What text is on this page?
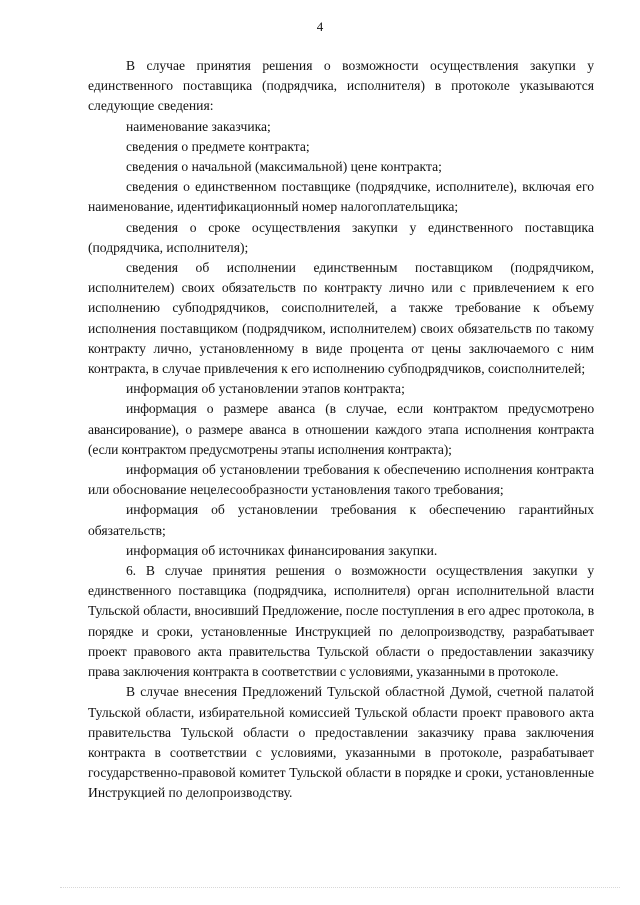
4

В случае принятия решения о возможности осуществления закупки у единственного поставщика (подрядчика, исполнителя) в протоколе указываются следующие сведения:

наименование заказчика;

сведения о предмете контракта;

сведения о начальной (максимальной) цене контракта;

сведения о единственном поставщике (подрядчике, исполнителе), включая его наименование, идентификационный номер налогоплательщика;

сведения о сроке осуществления закупки у единственного поставщика (подрядчика, исполнителя);

сведения об исполнении единственным поставщиком (подрядчиком, исполнителем) своих обязательств по контракту лично или с привлечением к его исполнению субподрядчиков, соисполнителей, а также требование к объему исполнения поставщиком (подрядчиком, исполнителем) своих обязательств по такому контракту лично, установленному в виде процента от цены заключаемого с ним контракта, в случае привлечения к его исполнению субподрядчиков, соисполнителей;

информация об установлении этапов контракта;

информация о размере аванса (в случае, если контрактом предусмотрено авансирование), о размере аванса в отношении каждого этапа исполнения контракта (если контрактом предусмотрены этапы исполнения контракта);

информация об установлении требования к обеспечению исполнения контракта или обоснование нецелесообразности установления такого требования;

информация об установлении требования к обеспечению гарантийных обязательств;

информация об источниках финансирования закупки.

6. В случае принятия решения о возможности осуществления закупки у единственного поставщика (подрядчика, исполнителя) орган исполнительной власти Тульской области, вносивший Предложение, после поступления в его адрес протокола, в порядке и сроки, установленные Инструкцией по делопроизводству, разрабатывает проект правового акта правительства Тульской области о предоставлении заказчику права заключения контракта в соответствии с условиями, указанными в протоколе.

В случае внесения Предложений Тульской областной Думой, счетной палатой Тульской области, избирательной комиссией Тульской области проект правового акта правительства Тульской области о предоставлении заказчику права заключения контракта в соответствии с условиями, указанными в протоколе, разрабатывает государственно-правовой комитет Тульской области в порядке и сроки, установленные Инструкцией по делопроизводству.
